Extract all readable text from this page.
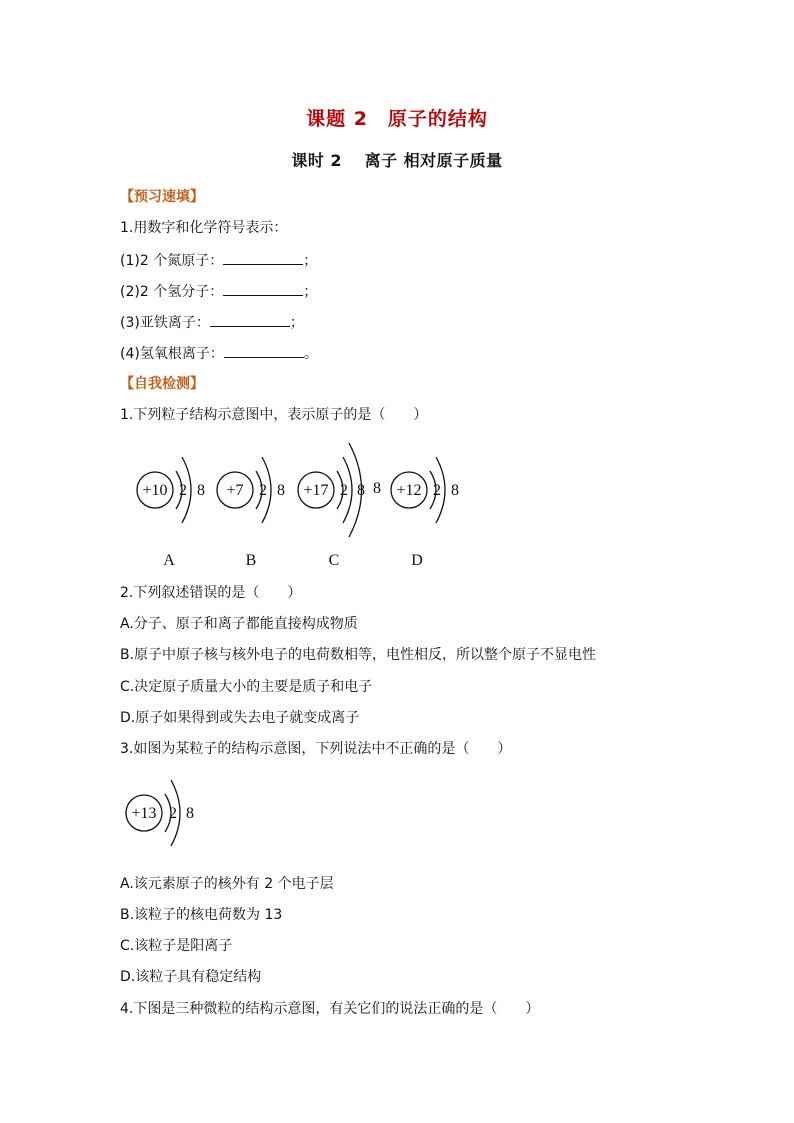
课题 2　原子的结构
课时 2　 离子 相对原子质量
【预习速填】
1.用数字和化学符号表示：
(1)2 个氮原子：	；
(2)2 个氢分子：	；
(3)亚铁离子：	；
(4)氢氧根离子：	。
【自我检测】
1.下列粒子结构示意图中，表示原子的是（　　）
+10 2 8
A
+7 2 8
B
+17 2 8 8
C
+12 2 8
D
2.下列叙述错误的是（　　）
A.分子、原子和离子都能直接构成物质
B.原子中原子核与核外电子的电荷数相等，电性相反，所以整个原子不显电性
C.决定原子质量大小的主要是质子和电子
D.原子如果得到或失去电子就变成离子
3.如图为某粒子的结构示意图，下列说法中不正确的是（　　）
+13 2 8
A.该元素原子的核外有 2 个电子层
B.该粒子的核电荷数为 13
C.该粒子是阳离子
D.该粒子具有稳定结构
4.下图是三种微粒的结构示意图，有关它们的说法正确的是（　　）
